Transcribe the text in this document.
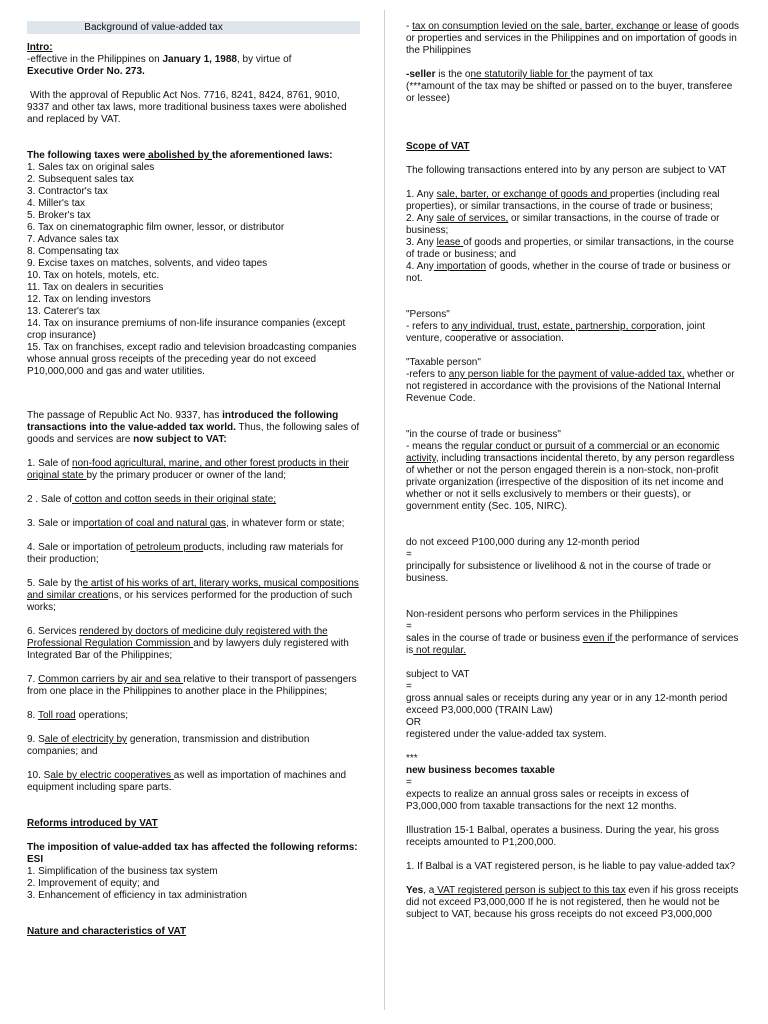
Background of value-added tax

Intro:

-effective in the Philippines on January 1, 1988, by virtue of
Executive Order No. 273.

With the approval of Republic Act Nos. 7716, 8241, 8424, 8761, 9010, 9337 and other tax laws, more traditional business taxes were abolished and replaced by VAT.

The following taxes were abolished by the aforementioned laws:

1. Sales tax on original sales

2. Subsequent sales tax

3. Contractor's tax

4. Miller's tax

5. Broker's tax

6. Tax on cinematographic film owner, lessor, or distributor

7. Advance sales tax

8. Compensating tax

9. Excise taxes on matches, solvents, and video tapes

10. Tax on hotels, motels, etc.

11. Tax on dealers in securities

12. Tax on lending investors

13. Caterer's tax

14. Tax on insurance premiums of non-life insurance companies (except crop insurance)

15. Tax on franchises, except radio and television broadcasting companies whose annual gross receipts of the preceding year do not exceed P10,000,000 and gas and water utilities.

The passage of Republic Act No. 9337, has introduced the following transactions into the value-added tax world. Thus, the following sales of goods and services are now subject to VAT:

1. Sale of non-food agricultural, marine, and other forest products in their original state by the primary producer or owner of the land;

2 . Sale of cotton and cotton seeds in their original state;

3. Sale or importation of coal and natural gas, in whatever form or state;

4. Sale or importation of petroleum products, including raw materials for their production;

5. Sale by the artist of his works of art, literary works, musical compositions and similar creations, or his services performed for the production of such works;

6. Services rendered by doctors of medicine duly registered with the Professional Regulation Commission and by lawyers duly registered with Integrated Bar of the Philippines;

7. Common carriers by air and sea relative to their transport of passengers from one place in the Philippines to another place in the Philippines;

8. Toll road operations;

9. Sale of electricity by generation, transmission and distribution companies; and

10. Sale by electric cooperatives as well as importation of machines and equipment including spare parts.

Reforms introduced by VAT

The imposition of value-added tax has affected the following reforms: ESI

1. Simplification of the business tax system

2. Improvement of equity; and

3. Enhancement of efficiency in tax administration

Nature and characteristics of VAT

- tax on consumption levied on the sale, barter, exchange or lease of goods or properties and services in the Philippines and on importation of goods in the Philippines

-seller is the one statutorily liable for the payment of tax
(***amount of the tax may be shifted or passed on to the buyer, transferee or lessee)

Scope of VAT

The following transactions entered into by any person are subject to VAT

1. Any sale, barter, or exchange of goods and properties (including real properties), or similar transactions, in the course of trade or business;

2. Any sale of services, or similar transactions, in the course of trade or business;

3. Any lease of goods and properties, or similar transactions, in the course of trade or business; and

4. Any importation of goods, whether in the course of trade or business or not.

"Persons"

- refers to any individual, trust, estate, partnership, corporation, joint venture, cooperative or association.

"Taxable person"

-refers to any person liable for the payment of value-added tax, whether or not registered in accordance with the provisions of the National Internal Revenue Code.

"in the course of trade or business"

- means the regular conduct or pursuit of a commercial or an economic activity, including transactions incidental thereto, by any person regardless of whether or not the person engaged therein is a non-stock, non-profit private organization (irrespective of the disposition of its net income and whether or not it sells exclusively to members or their guests), or government entity (Sec. 105, NIRC).

do not exceed P100,000 during any 12-month period

=

principally for subsistence or livelihood & not in the course of trade or business.

Non-resident persons who perform services in the Philippines

=

sales in the course of trade or business even if the performance of services is not regular.

subject to VAT

=

gross annual sales or receipts during any year or in any 12-month period exceed P3,000,000 (TRAIN Law)

OR

registered under the value-added tax system.

***

new business becomes taxable

=

expects to realize an annual gross sales or receipts in excess of P3,000,000 from taxable transactions for the next 12 months.

Illustration 15-1 Balbal, operates a business. During the year, his gross receipts amounted to P1,200,000.

1. If Balbal is a VAT registered person, is he liable to pay value-added tax?

Yes, a VAT registered person is subject to this tax even if his gross receipts did not exceed P3,000,000 If he is not registered, then he would not be subject to VAT, because his gross receipts do not exceed P3,000,000
